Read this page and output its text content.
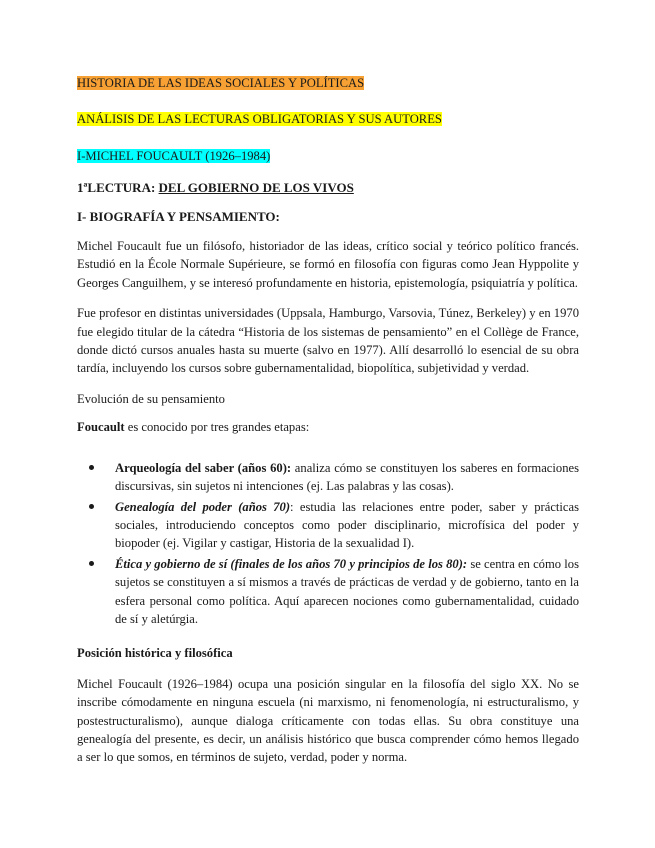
HISTORIA DE LAS IDEAS SOCIALES Y POLÍTICAS
ANÁLISIS DE LAS LECTURAS OBLIGATORIAS Y SUS AUTORES
I-MICHEL FOUCAULT (1926–1984)
1ªLECTURA: DEL GOBIERNO DE LOS VIVOS
I- BIOGRAFÍA Y PENSAMIENTO:

Michel Foucault fue un filósofo, historiador de las ideas, crítico social y teórico político francés. Estudió en la École Normale Supérieure, se formó en filosofía con figuras como Jean Hyppolite y Georges Canguilhem, y se interesó profundamente en historia, epistemología, psiquiatría y política.

Fue profesor en distintas universidades (Uppsala, Hamburgo, Varsovia, Túnez, Berkeley) y en 1970 fue elegido titular de la cátedra “Historia de los sistemas de pensamiento” en el Collège de France, donde dictó cursos anuales hasta su muerte (salvo en 1977). Allí desarrolló lo esencial de su obra tardía, incluyendo los cursos sobre gubernamentalidad, biopolítica, subjetividad y verdad.

Evolución de su pensamiento

Foucault es conocido por tres grandes etapas:

Arqueología del saber (años 60): analiza cómo se constituyen los saberes en formaciones discursivas, sin sujetos ni intenciones (ej. Las palabras y las cosas).
Genealogía del poder (años 70): estudia las relaciones entre poder, saber y prácticas sociales, introduciendo conceptos como poder disciplinario, microfísica del poder y biopoder (ej. Vigilar y castigar, Historia de la sexualidad I).
Ética y gobierno de sí (finales de los años 70 y principios de los 80): se centra en cómo los sujetos se constituyen a sí mismos a través de prácticas de verdad y de gobierno, tanto en la esfera personal como política. Aquí aparecen nociones como gubernamentalidad, cuidado de sí y aletúrgia.
Posición histórica y filosófica

Michel Foucault (1926–1984) ocupa una posición singular en la filosofía del siglo XX. No se inscribe cómodamente en ninguna escuela (ni marxismo, ni fenomenología, ni estructuralismo, y postestructuralismo), aunque dialoga críticamente con todas ellas. Su obra constituye una genealogía del presente, es decir, un análisis histórico que busca comprender cómo hemos llegado a ser lo que somos, en términos de sujeto, verdad, poder y norma.
